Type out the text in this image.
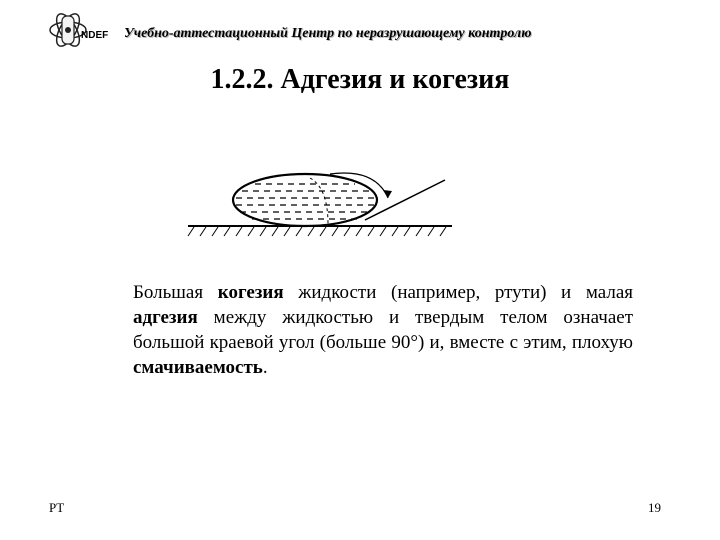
NDEF Учебно-аттестационный Центр по неразрушающему контролю
1.2.2. Адгезия и когезия
Большая когезия жидкости (например, ртути) и малая адгезия между жидкостью и твердым телом означает большой краевой угол (больше 90°) и, вместе с этим, плохую смачиваемость.
PT	19
